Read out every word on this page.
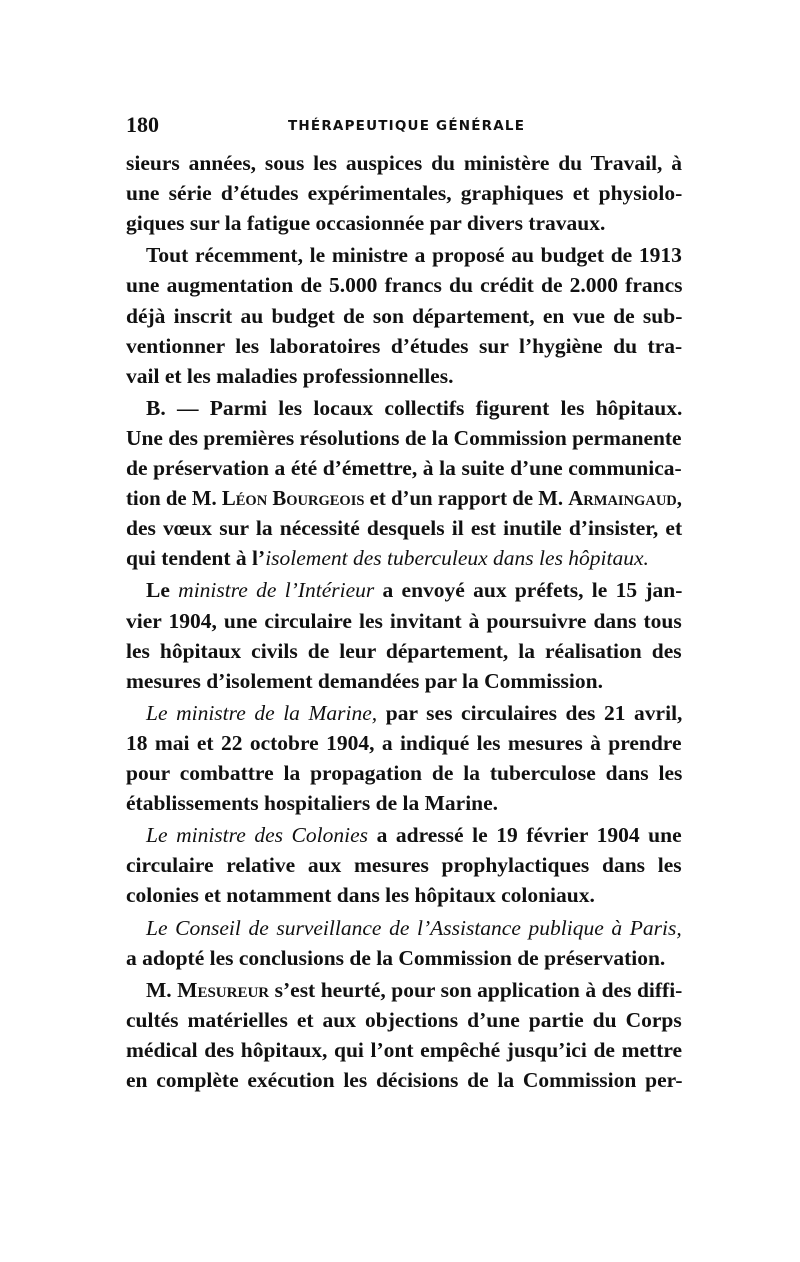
180	THÉRAPEUTIQUE GÉNÉRALE
sieurs années, sous les auspices du ministère du Travail, à
une série d’études expérimentales, graphiques et physiolo-
giques sur la fatigue occasionnée par divers travaux.
Tout récemment, le ministre a proposé au budget de 1913
une augmentation de 5.000 francs du crédit de 2.000 francs
déjà inscrit au budget de son département, en vue de sub-
ventionner les laboratoires d’études sur l’hygiène du tra-
vail et les maladies professionnelles.
B. — Parmi les locaux collectifs figurent les hôpitaux.
Une des premières résolutions de la Commission permanente
de préservation a été d’émettre, à la suite d’une communica-
tion de M. Léon Bourgeois et d’un rapport de M. Armaingaud,
des vœux sur la nécessité desquels il est inutile d’insister, et
qui tendent à l’isolement des tuberculeux dans les hôpitaux.
Le ministre de l’Intérieur a envoyé aux préfets, le 15 jan-
vier 1904, une circulaire les invitant à poursuivre dans tous
les hôpitaux civils de leur département, la réalisation des
mesures d’isolement demandées par la Commission.
Le ministre de la Marine, par ses circulaires des 21 avril,
18 mai et 22 octobre 1904, a indiqué les mesures à prendre
pour combattre la propagation de la tuberculose dans les
établissements hospitaliers de la Marine.
Le ministre des Colonies a adressé le 19 février 1904 une
circulaire relative aux mesures prophylactiques dans les
colonies et notamment dans les hôpitaux coloniaux.
Le Conseil de surveillance de l’Assistance publique à Paris,
a adopté les conclusions de la Commission de préservation.
M. Mesureur s’est heurté, pour son application à des diffi-
cultés matérielles et aux objections d’une partie du Corps
médical des hôpitaux, qui l’ont empêché jusqu’ici de mettre
en complète exécution les décisions de la Commission per-
